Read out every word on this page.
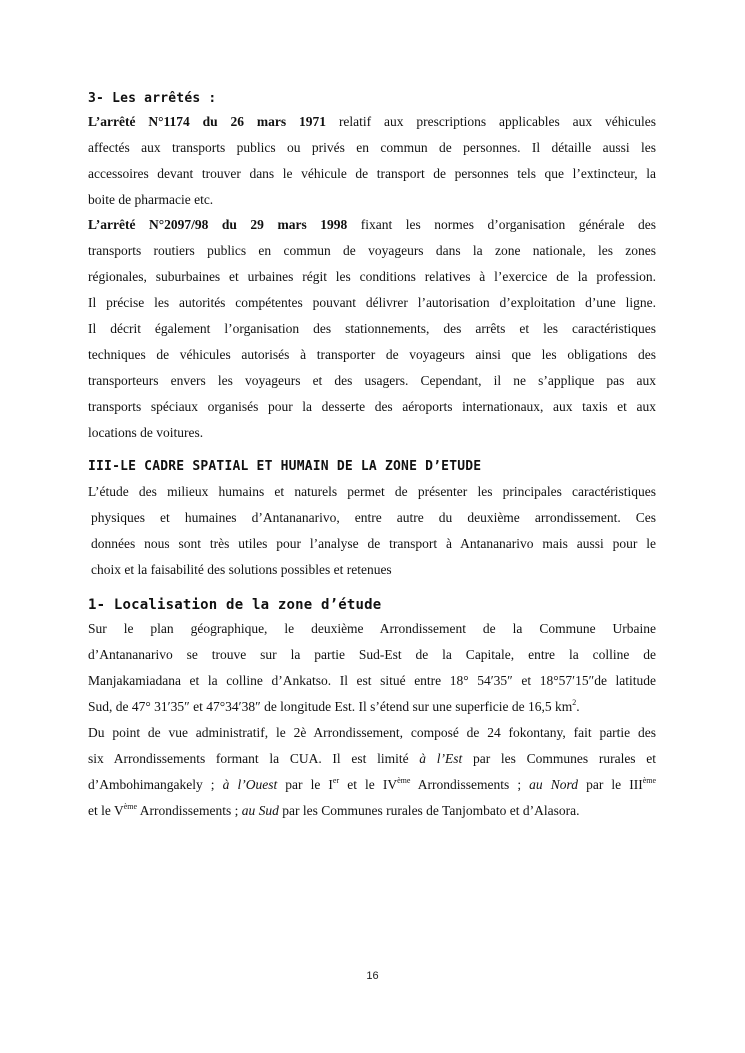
3- Les arrêtés :
L’arrêté N°1174 du 26 mars 1971 relatif aux prescriptions applicables aux véhicules
affectés aux transports publics ou privés en commun de personnes. Il détaille aussi les
accessoires devant trouver dans le véhicule de transport de personnes tels que l’extincteur, la
boite de pharmacie etc.
L’arrêté N°2097/98 du 29 mars 1998 fixant les normes d’organisation générale des
transports routiers publics en commun de voyageurs dans la zone nationale, les zones
régionales, suburbaines et urbaines régit les conditions relatives à l’exercice de la profession.
Il précise les autorités compétentes pouvant délivrer l’autorisation d’exploitation d’une ligne.
Il décrit également l’organisation des stationnements, des arrêts et les caractéristiques
techniques de véhicules autorisés à transporter de voyageurs ainsi que les obligations des
transporteurs envers les voyageurs et des usagers. Cependant, il ne s’applique pas aux
transports spéciaux organisés pour la desserte des aéroports internationaux, aux taxis et aux
locations de voitures.
III-LE CADRE SPATIAL ET HUMAIN DE LA ZONE D’ETUDE
L’étude des milieux humains et naturels permet de présenter les principales caractéristiques
physiques et humaines d’Antananarivo, entre autre du deuxième arrondissement. Ces
données nous sont très utiles pour l’analyse de transport à Antananarivo mais aussi pour le
choix et la faisabilité des solutions possibles et retenues
1- Localisation de la zone d’étude
Sur le plan géographique, le deuxième Arrondissement de la Commune Urbaine
d’Antananarivo se trouve sur la partie Sud-Est de la Capitale, entre la colline de
Manjakamiadana et la colline d’Ankatso. Il est situé entre 18° 54′35″ et 18°57′15″de latitude
Sud, de 47° 31′35″ et 47°34′38″ de longitude Est. Il s’étend sur une superficie de 16,5 $km^2$.
Du point de vue administratif, le 2è Arrondissement, composé de 24 fokontany, fait partie des
six Arrondissements formant la CUA. Il est limité à l’Est par les Communes rurales et
d’Ambohimangakely ; à l’Ouest par le Ier et le IVème Arrondissements ; au Nord par le IIIème
et le Vème Arrondissements ; au Sud par les Communes rurales de Tanjombato et d’Alasora.
16
